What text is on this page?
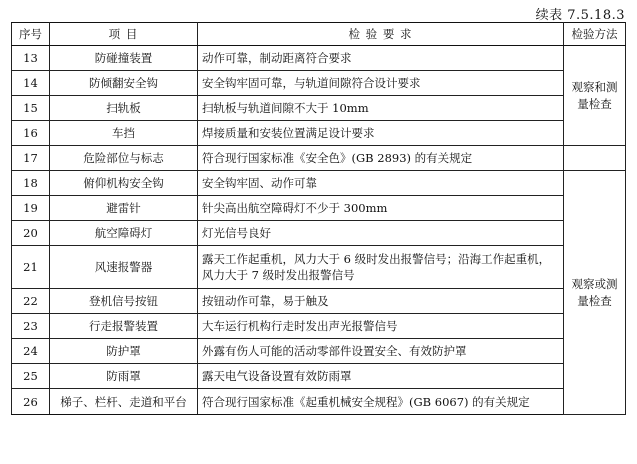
续表 7.5.18.3
序号	项 目	检 验 要 求	检验方法	
13	防碰撞装置	动作可靠，制动距离符合要求	观察和测量检查	
14	防倾翻安全钩	安全钩牢固可靠，与轨道间隙符合设计要求		
15	扫轨板	扫轨板与轨道间隙不大于 10mm		
16	车挡	焊接质量和安装位置满足设计要求		
17	危险部位与标志	符合现行国家标准《安全色》(GB 2893) 的有关规定		
18	俯仰机构安全钩	安全钩牢固、动作可靠	观察或测量检查	
19	避雷针	针尖高出航空障碍灯不少于 300mm		
20	航空障碍灯	灯光信号良好		
21	风速报警器	露天工作起重机，风力大于 6 级时发出报警信号；沿海工作起重机，风力大于 7 级时发出报警信号		
22	登机信号按钮	按钮动作可靠，易于触及		
23	行走报警装置	大车运行机构行走时发出声光报警信号		
24	防护罩	外露有伤人可能的活动零部件设置安全、有效防护罩		
25	防雨罩	露天电气设备设置有效防雨罩		
26	梯子、栏杆、走道和平台	符合现行国家标准《起重机械安全规程》(GB 6067) 的有关规定		
